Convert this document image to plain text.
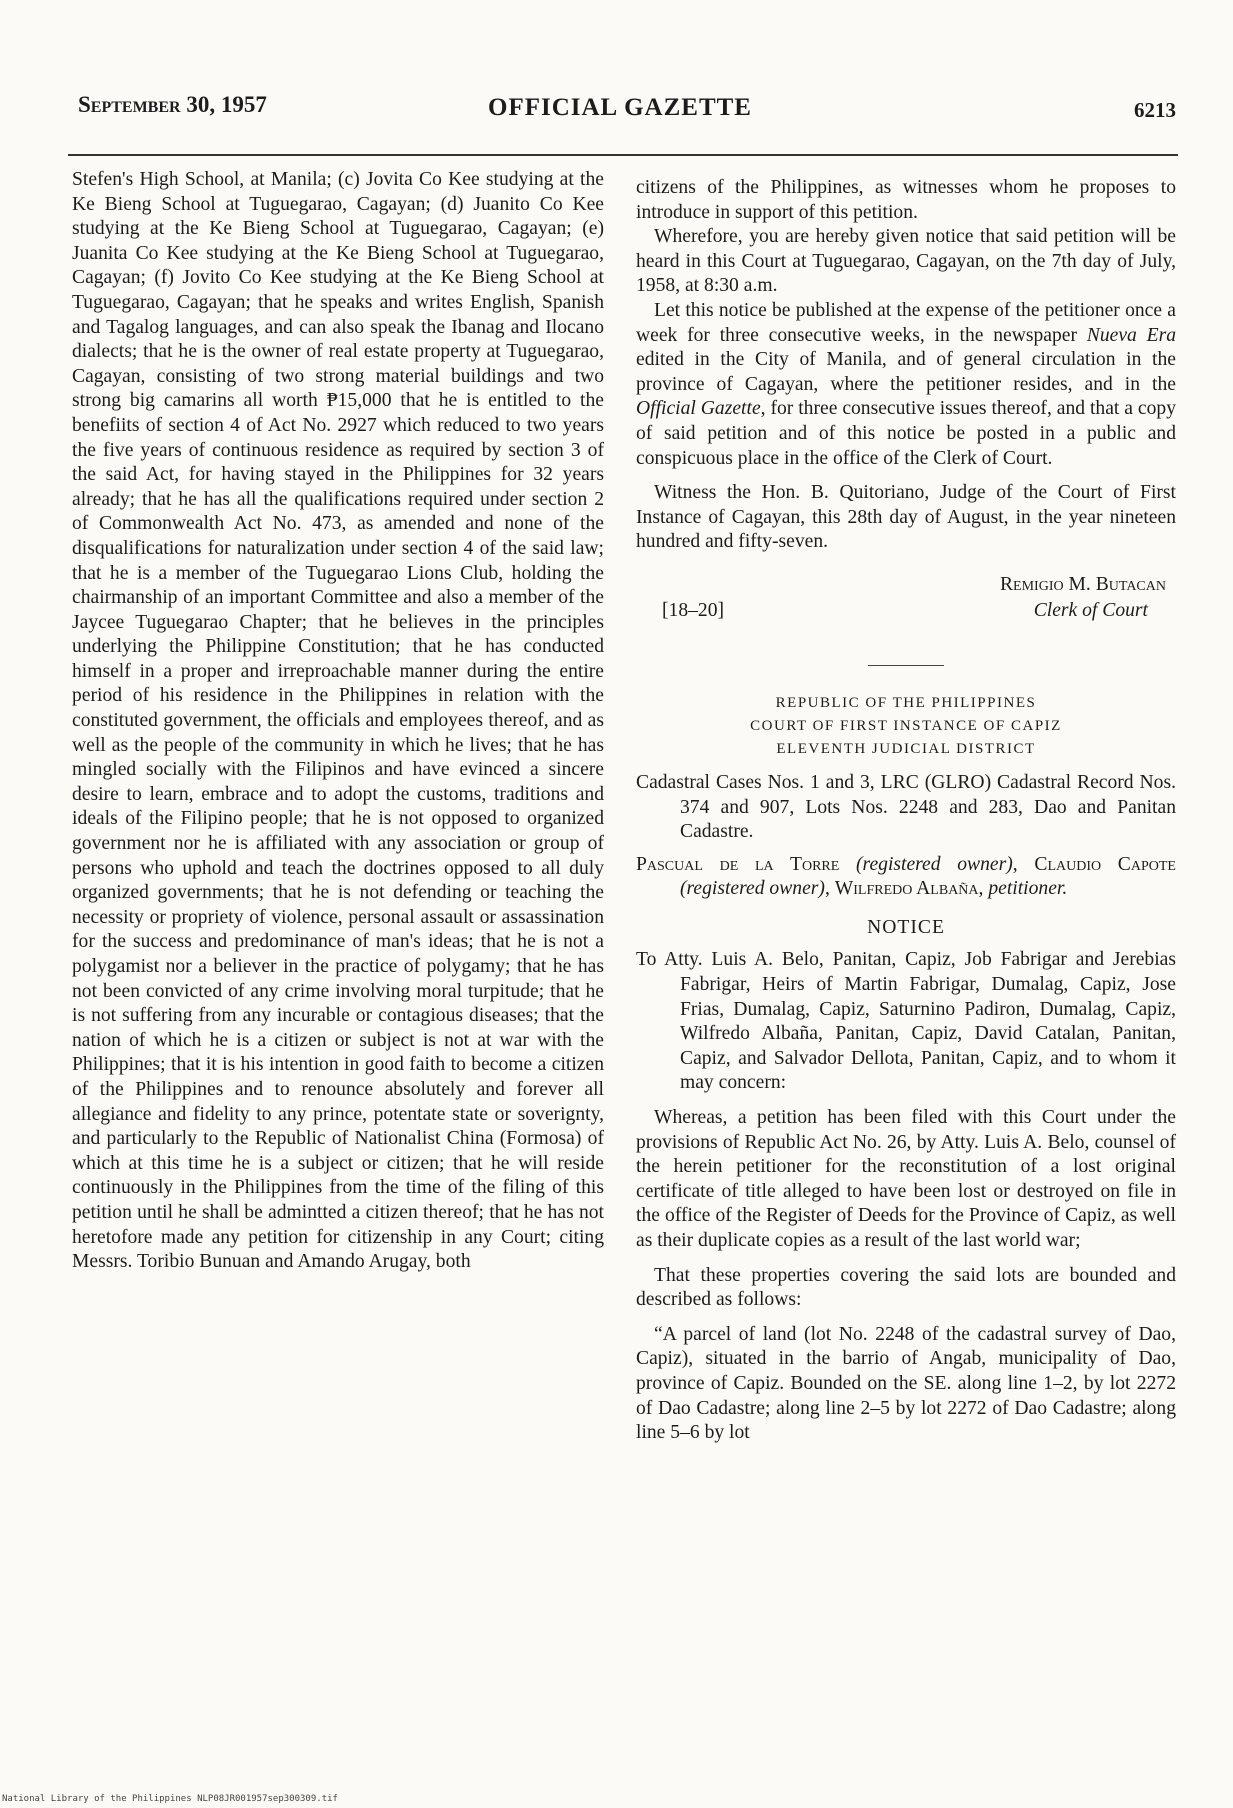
September 30, 1957	OFFICIAL GAZETTE	6213

Stefen's High School, at Manila; (c) Jovita Co Kee studying at the Ke Bieng School at Tuguegarao, Cagayan; (d) Juanito Co Kee studying at the Ke Bieng School at Tuguegarao, Cagayan; (e) Juanita Co Kee studying at the Ke Bieng School at Tuguegarao, Cagayan; (f) Jovito Co Kee studying at the Ke Bieng School at Tuguegarao, Cagayan; that he speaks and writes English, Spanish and Tagalog languages, and can also speak the Ibanag and Ilocano dialects; that he is the owner of real estate property at Tuguegarao, Cagayan, consisting of two strong material buildings and two strong big camarins all worth ₱15,000 that he is entitled to the benefiits of section 4 of Act No. 2927 which reduced to two years the five years of continuous residence as required by section 3 of the said Act, for having stayed in the Philippines for 32 years already; that he has all the qualifications required under section 2 of Commonwealth Act No. 473, as amended and none of the disqualifications for naturalization under section 4 of the said law; that he is a member of the Tuguegarao Lions Club, holding the chairmanship of an important Committee and also a member of the Jaycee Tuguegarao Chapter; that he believes in the principles underlying the Philippine Constitution; that he has conducted himself in a proper and irreproachable manner during the entire period of his residence in the Philippines in relation with the constituted government, the officials and employees thereof, and as well as the people of the community in which he lives; that he has mingled socially with the Filipinos and have evinced a sincere desire to learn, embrace and to adopt the customs, traditions and ideals of the Filipino people; that he is not opposed to organized government nor he is affiliated with any association or group of persons who uphold and teach the doctrines opposed to all duly organized governments; that he is not defending or teaching the necessity or propriety of violence, personal assault or assassination for the success and predominance of man's ideas; that he is not a polygamist nor a believer in the practice of polygamy; that he has not been convicted of any crime involving moral turpitude; that he is not suffering from any incurable or contagious diseases; that the nation of which he is a citizen or subject is not at war with the Philippines; that it is his intention in good faith to become a citizen of the Philippines and to renounce absolutely and forever all allegiance and fidelity to any prince, potentate state or soverignty, and particularly to the Republic of Nationalist China (Formosa) of which at this time he is a subject or citizen; that he will reside continuously in the Philippines from the time of the filing of this petition until he shall be admintted a citizen thereof; that he has not heretofore made any petition for citizenship in any Court; citing Messrs. Toribio Bunuan and Amando Arugay, both

citizens of the Philippines, as witnesses whom he proposes to introduce in support of this petition.

Wherefore, you are hereby given notice that said petition will be heard in this Court at Tuguegarao, Cagayan, on the 7th day of July, 1958, at 8:30 a.m.

Let this notice be published at the expense of the petitioner once a week for three consecutive weeks, in the newspaper Nueva Era edited in the City of Manila, and of general circulation in the province of Cagayan, where the petitioner resides, and in the Official Gazette, for three consecutive issues thereof, and that a copy of said petition and of this notice be posted in a public and conspicuous place in the office of the Clerk of Court.

Witness the Hon. B. Quitoriano, Judge of the Court of First Instance of Cagayan, this 28th day of August, in the year nineteen hundred and fifty-seven.

Remigio M. Butacan
Clerk of Court
[18–20]
REPUBLIC OF THE PHILIPPINES
COURT OF FIRST INSTANCE OF CAPIZ
ELEVENTH JUDICIAL DISTRICT

Cadastral Cases Nos. 1 and 3, LRC (GLRO) Cadastral Record Nos. 374 and 907, Lots Nos. 2248 and 283, Dao and Panitan Cadastre.

Pascual de la Torre (registered owner), Claudio Capote (registered owner), Wilfredo Albaña, petitioner.

NOTICE

To Atty. Luis A. Belo, Panitan, Capiz, Job Fabrigar and Jerebias Fabrigar, Heirs of Martin Fabrigar, Dumalag, Capiz, Jose Frias, Dumalag, Capiz, Saturnino Padiron, Dumalag, Capiz, Wilfredo Albaña, Panitan, Capiz, David Catalan, Panitan, Capiz, and Salvador Dellota, Panitan, Capiz, and to whom it may concern:

Whereas, a petition has been filed with this Court under the provisions of Republic Act No. 26, by Atty. Luis A. Belo, counsel of the herein petitioner for the reconstitution of a lost original certificate of title alleged to have been lost or destroyed on file in the office of the Register of Deeds for the Province of Capiz, as well as their duplicate copies as a result of the last world war;

That these properties covering the said lots are bounded and described as follows:

“A parcel of land (lot No. 2248 of the cadastral survey of Dao, Capiz), situated in the barrio of Angab, municipality of Dao, province of Capiz. Bounded on the SE. along line 1–2, by lot 2272 of Dao Cadastre; along line 2–5 by lot 2272 of Dao Cadastre; along line 5–6 by lot

National Library of the Philippines NLP08JR001957sep300309.tif
